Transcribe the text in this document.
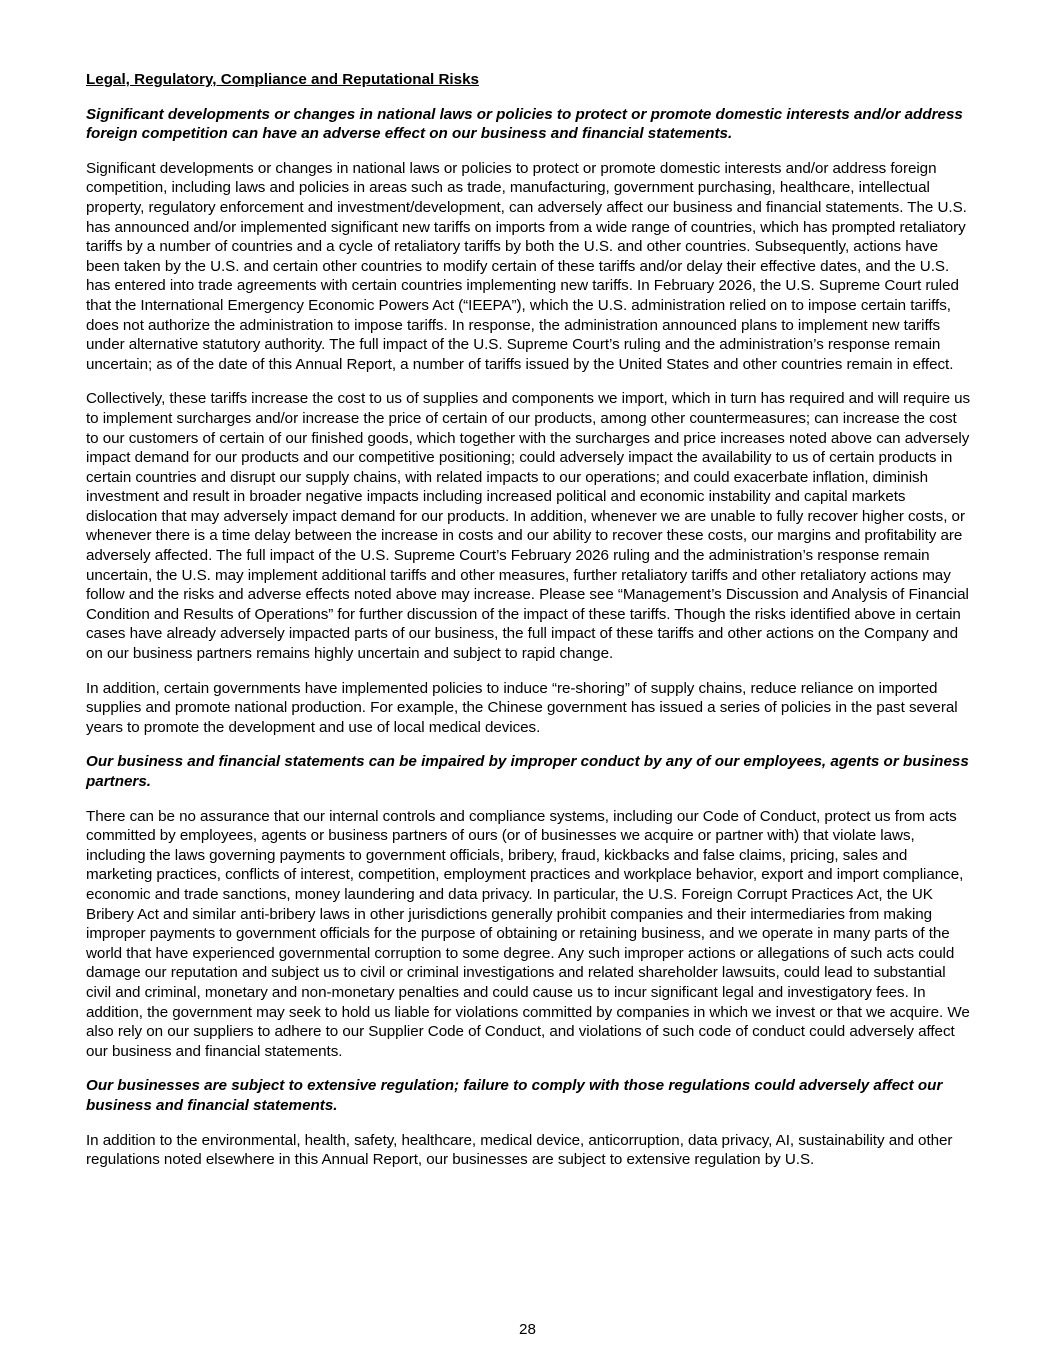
Legal, Regulatory, Compliance and Reputational Risks

Significant developments or changes in national laws or policies to protect or promote domestic interests and/or address foreign competition can have an adverse effect on our business and financial statements.

Significant developments or changes in national laws or policies to protect or promote domestic interests and/or address foreign competition, including laws and policies in areas such as trade, manufacturing, government purchasing, healthcare, intellectual property, regulatory enforcement and investment/development, can adversely affect our business and financial statements. The U.S. has announced and/or implemented significant new tariffs on imports from a wide range of countries, which has prompted retaliatory tariffs by a number of countries and a cycle of retaliatory tariffs by both the U.S. and other countries. Subsequently, actions have been taken by the U.S. and certain other countries to modify certain of these tariffs and/or delay their effective dates, and the U.S. has entered into trade agreements with certain countries implementing new tariffs. In February 2026, the U.S. Supreme Court ruled that the International Emergency Economic Powers Act (“IEEPA”), which the U.S. administration relied on to impose certain tariffs, does not authorize the administration to impose tariffs. In response, the administration announced plans to implement new tariffs under alternative statutory authority. The full impact of the U.S. Supreme Court’s ruling and the administration’s response remain uncertain; as of the date of this Annual Report, a number of tariffs issued by the United States and other countries remain in effect.

Collectively, these tariffs increase the cost to us of supplies and components we import, which in turn has required and will require us to implement surcharges and/or increase the price of certain of our products, among other countermeasures; can increase the cost to our customers of certain of our finished goods, which together with the surcharges and price increases noted above can adversely impact demand for our products and our competitive positioning; could adversely impact the availability to us of certain products in certain countries and disrupt our supply chains, with related impacts to our operations; and could exacerbate inflation, diminish investment and result in broader negative impacts including increased political and economic instability and capital markets dislocation that may adversely impact demand for our products. In addition, whenever we are unable to fully recover higher costs, or whenever there is a time delay between the increase in costs and our ability to recover these costs, our margins and profitability are adversely affected. The full impact of the U.S. Supreme Court’s February 2026 ruling and the administration’s response remain uncertain, the U.S. may implement additional tariffs and other measures, further retaliatory tariffs and other retaliatory actions may follow and the risks and adverse effects noted above may increase. Please see “Management’s Discussion and Analysis of Financial Condition and Results of Operations” for further discussion of the impact of these tariffs. Though the risks identified above in certain cases have already adversely impacted parts of our business, the full impact of these tariffs and other actions on the Company and on our business partners remains highly uncertain and subject to rapid change.

In addition, certain governments have implemented policies to induce “re-shoring” of supply chains, reduce reliance on imported supplies and promote national production. For example, the Chinese government has issued a series of policies in the past several years to promote the development and use of local medical devices.

Our business and financial statements can be impaired by improper conduct by any of our employees, agents or business partners.

There can be no assurance that our internal controls and compliance systems, including our Code of Conduct, protect us from acts committed by employees, agents or business partners of ours (or of businesses we acquire or partner with) that violate laws, including the laws governing payments to government officials, bribery, fraud, kickbacks and false claims, pricing, sales and marketing practices, conflicts of interest, competition, employment practices and workplace behavior, export and import compliance, economic and trade sanctions, money laundering and data privacy. In particular, the U.S. Foreign Corrupt Practices Act, the UK Bribery Act and similar anti-bribery laws in other jurisdictions generally prohibit companies and their intermediaries from making improper payments to government officials for the purpose of obtaining or retaining business, and we operate in many parts of the world that have experienced governmental corruption to some degree. Any such improper actions or allegations of such acts could damage our reputation and subject us to civil or criminal investigations and related shareholder lawsuits, could lead to substantial civil and criminal, monetary and non-monetary penalties and could cause us to incur significant legal and investigatory fees. In addition, the government may seek to hold us liable for violations committed by companies in which we invest or that we acquire. We also rely on our suppliers to adhere to our Supplier Code of Conduct, and violations of such code of conduct could adversely affect our business and financial statements.

Our businesses are subject to extensive regulation; failure to comply with those regulations could adversely affect our business and financial statements.

In addition to the environmental, health, safety, healthcare, medical device, anticorruption, data privacy, AI, sustainability and other regulations noted elsewhere in this Annual Report, our businesses are subject to extensive regulation by U.S.

28
